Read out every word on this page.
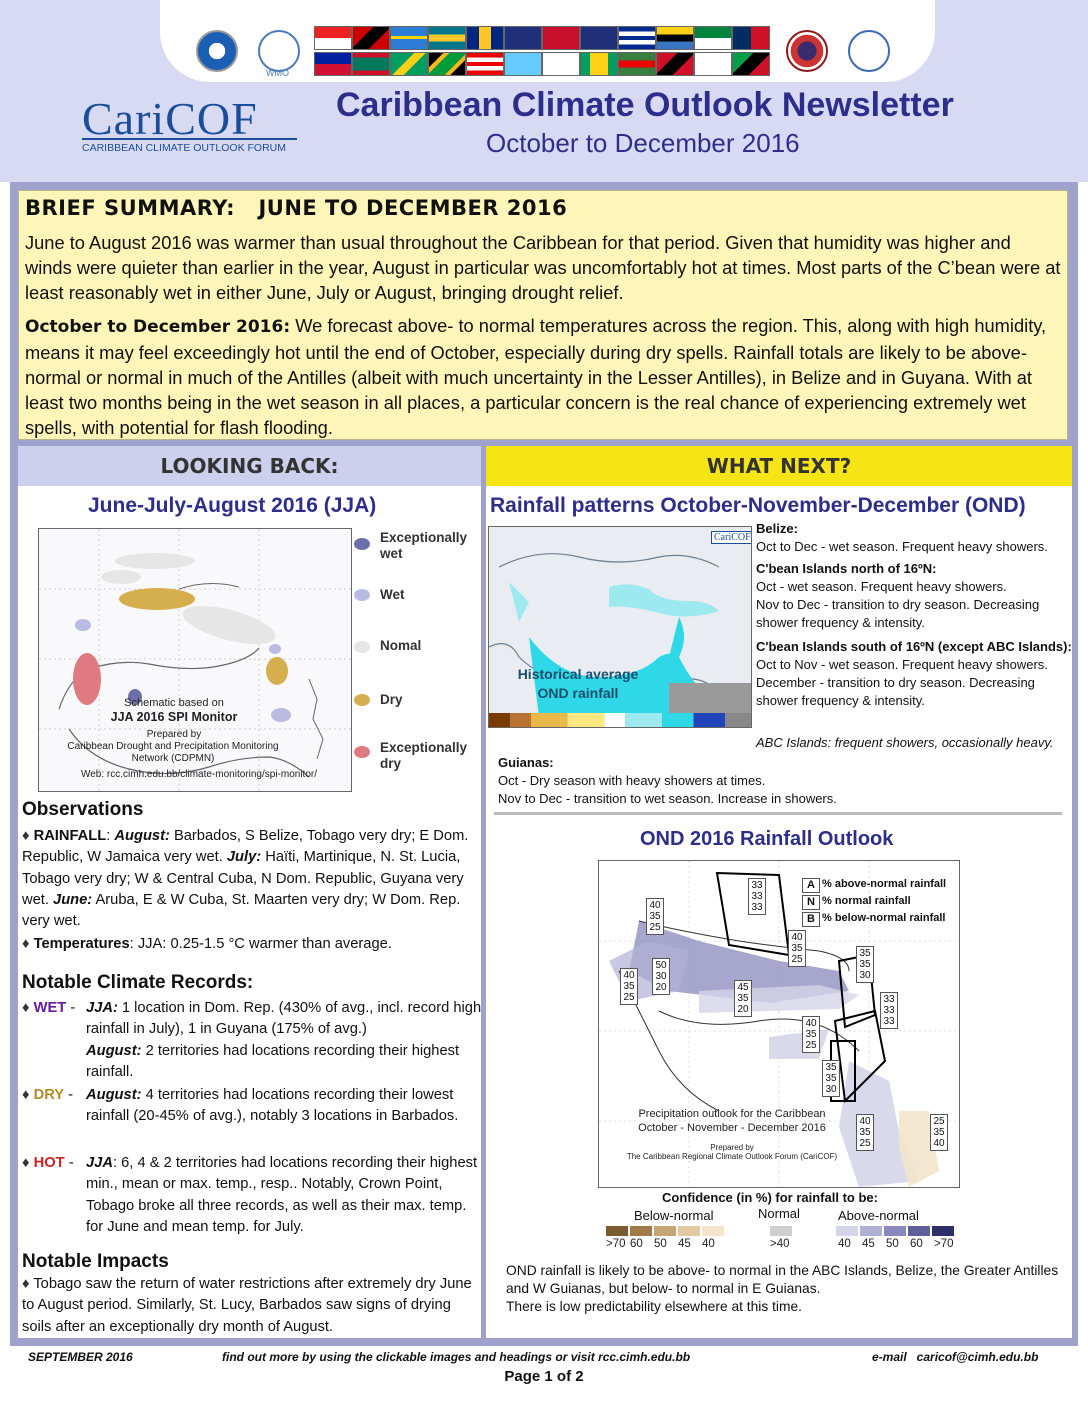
WMO
CariCOF
CARIBBEAN CLIMATE OUTLOOK FORUM
Caribbean Climate Outlook Newsletter
October to December 2016
BRIEF SUMMARY:   JUNE TO DECEMBER 2016

June to August 2016 was warmer than usual throughout the Caribbean for that period. Given that humidity was higher and winds were quieter than earlier in the year, August in particular was uncomfortably hot at times. Most parts of the C’bean were at least reasonably wet in either June, July or August, bringing drought relief.

October to December 2016: We forecast above- to normal temperatures across the region. This, along with high humidity, means it may feel exceedingly hot until the end of October, especially during dry spells. Rainfall totals are likely to be above-normal or normal in much of the Antilles (albeit with much uncertainty in the Lesser Antilles), in Belize and in Guyana. With at least two months being in the wet season in all places, a particular concern is the real chance of experiencing extremely wet spells, with potential for flash flooding.

LOOKING BACK:
June-July-August 2016 (JJA)
Schematic based on
JJA 2016 SPI Monitor
Prepared by
Caribbean Drought and Precipitation Monitoring Network (CDPMN)
Web: rcc.cimh.edu.bb/climate-monitoring/spi-monitor/
Exceptionally wet
Wet
Nomal
Dry
Exceptionally dry
Observations
♦ RAINFALL: August: Barbados, S Belize, Tobago very dry; E Dom. Republic, W Jamaica very wet. July: Haïti, Martinique, N. St. Lucia, Tobago very dry; W & Central Cuba, N Dom. Republic, Guyana very wet. June: Aruba, E & W Cuba, St. Maarten very dry; W Dom. Rep. very wet.
♦ Temperatures: JJA: 0.25-1.5 °C warmer than average.
Notable Climate Records:
♦ WET - JJA: 1 location in Dom. Rep. (430% of avg., incl. record high rainfall in July), 1 in Guyana (175% of avg.)
August: 2 territories had locations recording their highest rainfall.
♦ DRY - August: 4 territories had locations recording their lowest rainfall (20-45% of avg.), notably 3 locations in Barbados.
♦ HOT - JJA: 6, 4 & 2 territories had locations recording their highest min., mean or max. temp., resp.. Notably, Crown Point, Tobago broke all three records, as well as their max. temp. for June and mean temp. for July.
Notable Impacts
♦ Tobago saw the return of water restrictions after extremely dry June to August period. Similarly, St. Lucy, Barbados saw signs of drying soils after an exceptionally dry month of August.
WHAT NEXT?
Rainfall patterns October-November-December (OND)
CariCOF
Historical average
OND rainfall
Belize:
Oct to Dec - wet season. Frequent heavy showers.
C'bean Islands north of 16ºN:
Oct - wet season. Frequent heavy showers.
Nov to Dec - transition to dry season. Decreasing shower frequency & intensity.
C'bean Islands south of 16ºN (except ABC Islands):
Oct to Nov - wet season. Frequent heavy showers.
December - transition to dry season. Decreasing shower frequency & intensity.
ABC Islands: frequent showers, occasionally heavy.
Guianas:
Oct - Dry season with heavy showers at times.
Nov to Dec - transition to wet season. Increase in showers.
OND 2016 Rainfall Outlook
Precipitation outlook for the Caribbean
October - November - December 2016
Prepared by
The Caribbean Regional Climate Outlook Forum (CariCOF)
40
35
25
33
33
33
40
35
25
50
30
20
40
35
25
45
35
20
35
35
30
33
33
33
40
35
25
35
35
30
40
35
25
25
35
40
A % above-normal rainfall
N % normal rainfall
B % below-normal rainfall
Confidence (in %) for rainfall to be:
Below-normal	Normal	Above-normal
>70 60 50 45 40	>40	40 45 50 60 >70
OND rainfall is likely to be above- to normal in the ABC Islands, Belize, the Greater Antilles and W Guianas, but below- to normal in E Guianas.
There is low predictability elsewhere at this time.
SEPTEMBER 2016	find out more by using the clickable images and headings or visit rcc.cimh.edu.bb	e-mail   caricof@cimh.edu.bb
Page 1 of 2
